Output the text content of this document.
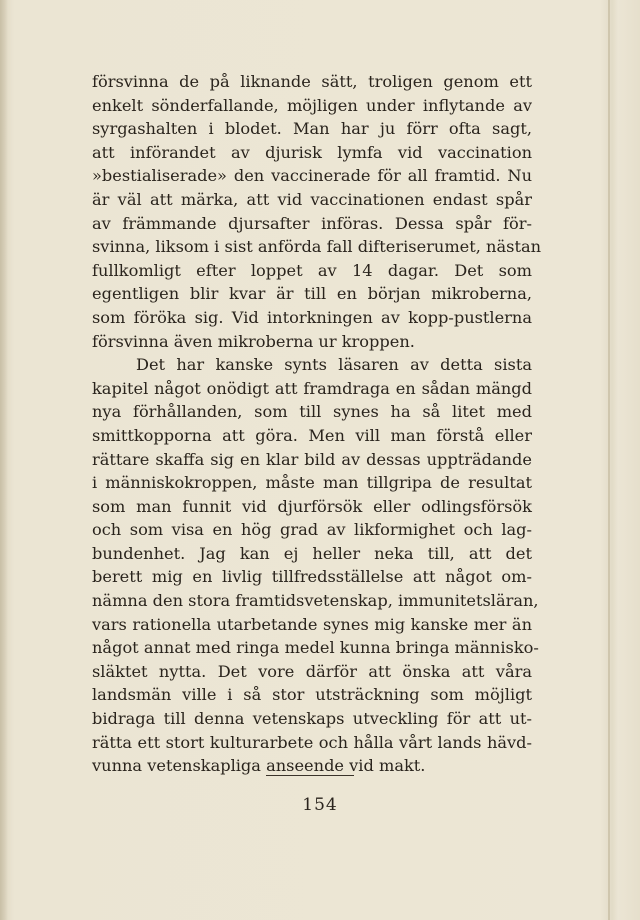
försvinna de på liknande sätt, troligen genom ett
enkelt sönderfallande, möjligen under inflytande av
syrgashalten i blodet. Man har ju förr ofta sagt,
att införandet av djurisk lymfa vid vaccination
»bestialiserade» den vaccinerade för all framtid. Nu
är väl att märka, att vid vaccinationen endast spår
av främmande djursafter införas. Dessa spår för-
svinna, liksom i sist anförda fall difteriserumet, nästan
fullkomligt efter loppet av 14 dagar. Det som
egentligen blir kvar är till en början mikroberna,
som föröka sig. Vid intorkningen av kopp-pustlerna
försvinna även mikroberna ur kroppen.
Det har kanske synts läsaren av detta sista
kapitel något onödigt att framdraga en sådan mängd
nya förhållanden, som till synes ha så litet med
smittkopporna att göra. Men vill man förstå eller
rättare skaffa sig en klar bild av dessas uppträdande
i människokroppen, måste man tillgripa de resultat
som man funnit vid djurförsök eller odlingsförsök
och som visa en hög grad av likformighet och lag-
bundenhet. Jag kan ej heller neka till, att det
berett mig en livlig tillfredsställelse att något om-
nämna den stora framtidsvetenskap, immunitetsläran,
vars rationella utarbetande synes mig kanske mer än
något annat med ringa medel kunna bringa människo-
släktet nytta. Det vore därför att önska att våra
landsmän ville i så stor utsträckning som möjligt
bidraga till denna vetenskaps utveckling för att ut-
rätta ett stort kulturarbete och hålla vårt lands hävd-
vunna vetenskapliga anseende vid makt.
154
